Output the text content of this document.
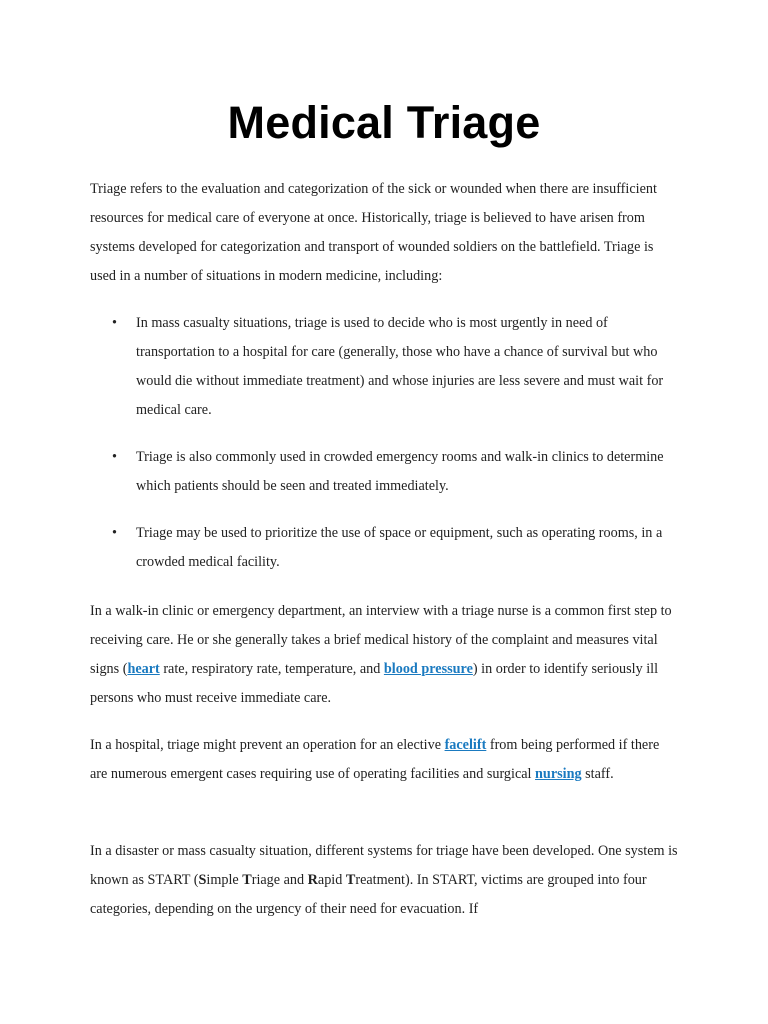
Medical Triage

Triage refers to the evaluation and categorization of the sick or wounded when there are insufficient resources for medical care of everyone at once. Historically, triage is believed to have arisen from systems developed for categorization and transport of wounded soldiers on the battlefield. Triage is used in a number of situations in modern medicine, including:

• In mass casualty situations, triage is used to decide who is most urgently in need of transportation to a hospital for care (generally, those who have a chance of survival but who would die without immediate treatment) and whose injuries are less severe and must wait for medical care.
• Triage is also commonly used in crowded emergency rooms and walk-in clinics to determine which patients should be seen and treated immediately.
• Triage may be used to prioritize the use of space or equipment, such as operating rooms, in a crowded medical facility.

In a walk-in clinic or emergency department, an interview with a triage nurse is a common first step to receiving care. He or she generally takes a brief medical history of the complaint and measures vital signs (heart rate, respiratory rate, temperature, and blood pressure) in order to identify seriously ill persons who must receive immediate care.

In a hospital, triage might prevent an operation for an elective facelift from being performed if there are numerous emergent cases requiring use of operating facilities and surgical nursing staff.

In a disaster or mass casualty situation, different systems for triage have been developed. One system is known as START (Simple Triage and Rapid Treatment). In START, victims are grouped into four categories, depending on the urgency of their need for evacuation. If
